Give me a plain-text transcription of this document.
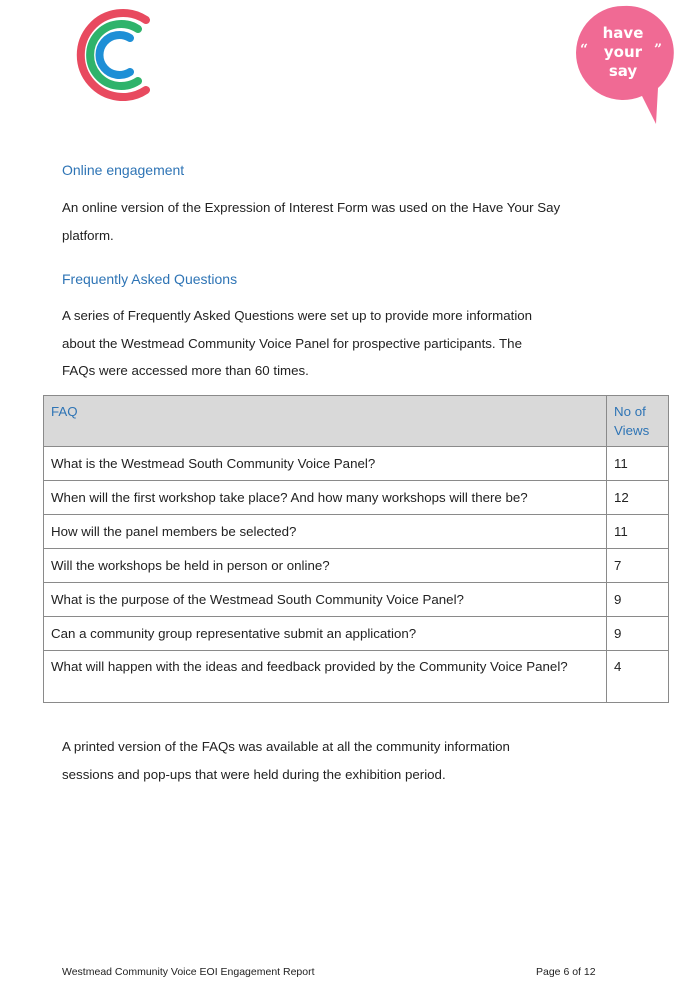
“	”
have
your
say
Online engagement
An online version of the Expression of Interest Form was used on the Have Your Say
platform.
Frequently Asked Questions
A series of Frequently Asked Questions were set up to provide more information
about the Westmead Community Voice Panel for prospective participants. The
FAQs were accessed more than 60 times.
FAQ	No of Views
What is the Westmead South Community Voice Panel?	11
When will the first workshop take place? And how many workshops will there be?	12
How will the panel members be selected?	11
Will the workshops be held in person or online?	7
What is the purpose of the Westmead South Community Voice Panel?	9
Can a community group representative submit an application?	9
What will happen with the ideas and feedback provided by the Community Voice Panel?	4
A printed version of the FAQs was available at all the community information
sessions and pop-ups that were held during the exhibition period.
Westmead Community Voice EOI Engagement Report	Page 6 of 12
